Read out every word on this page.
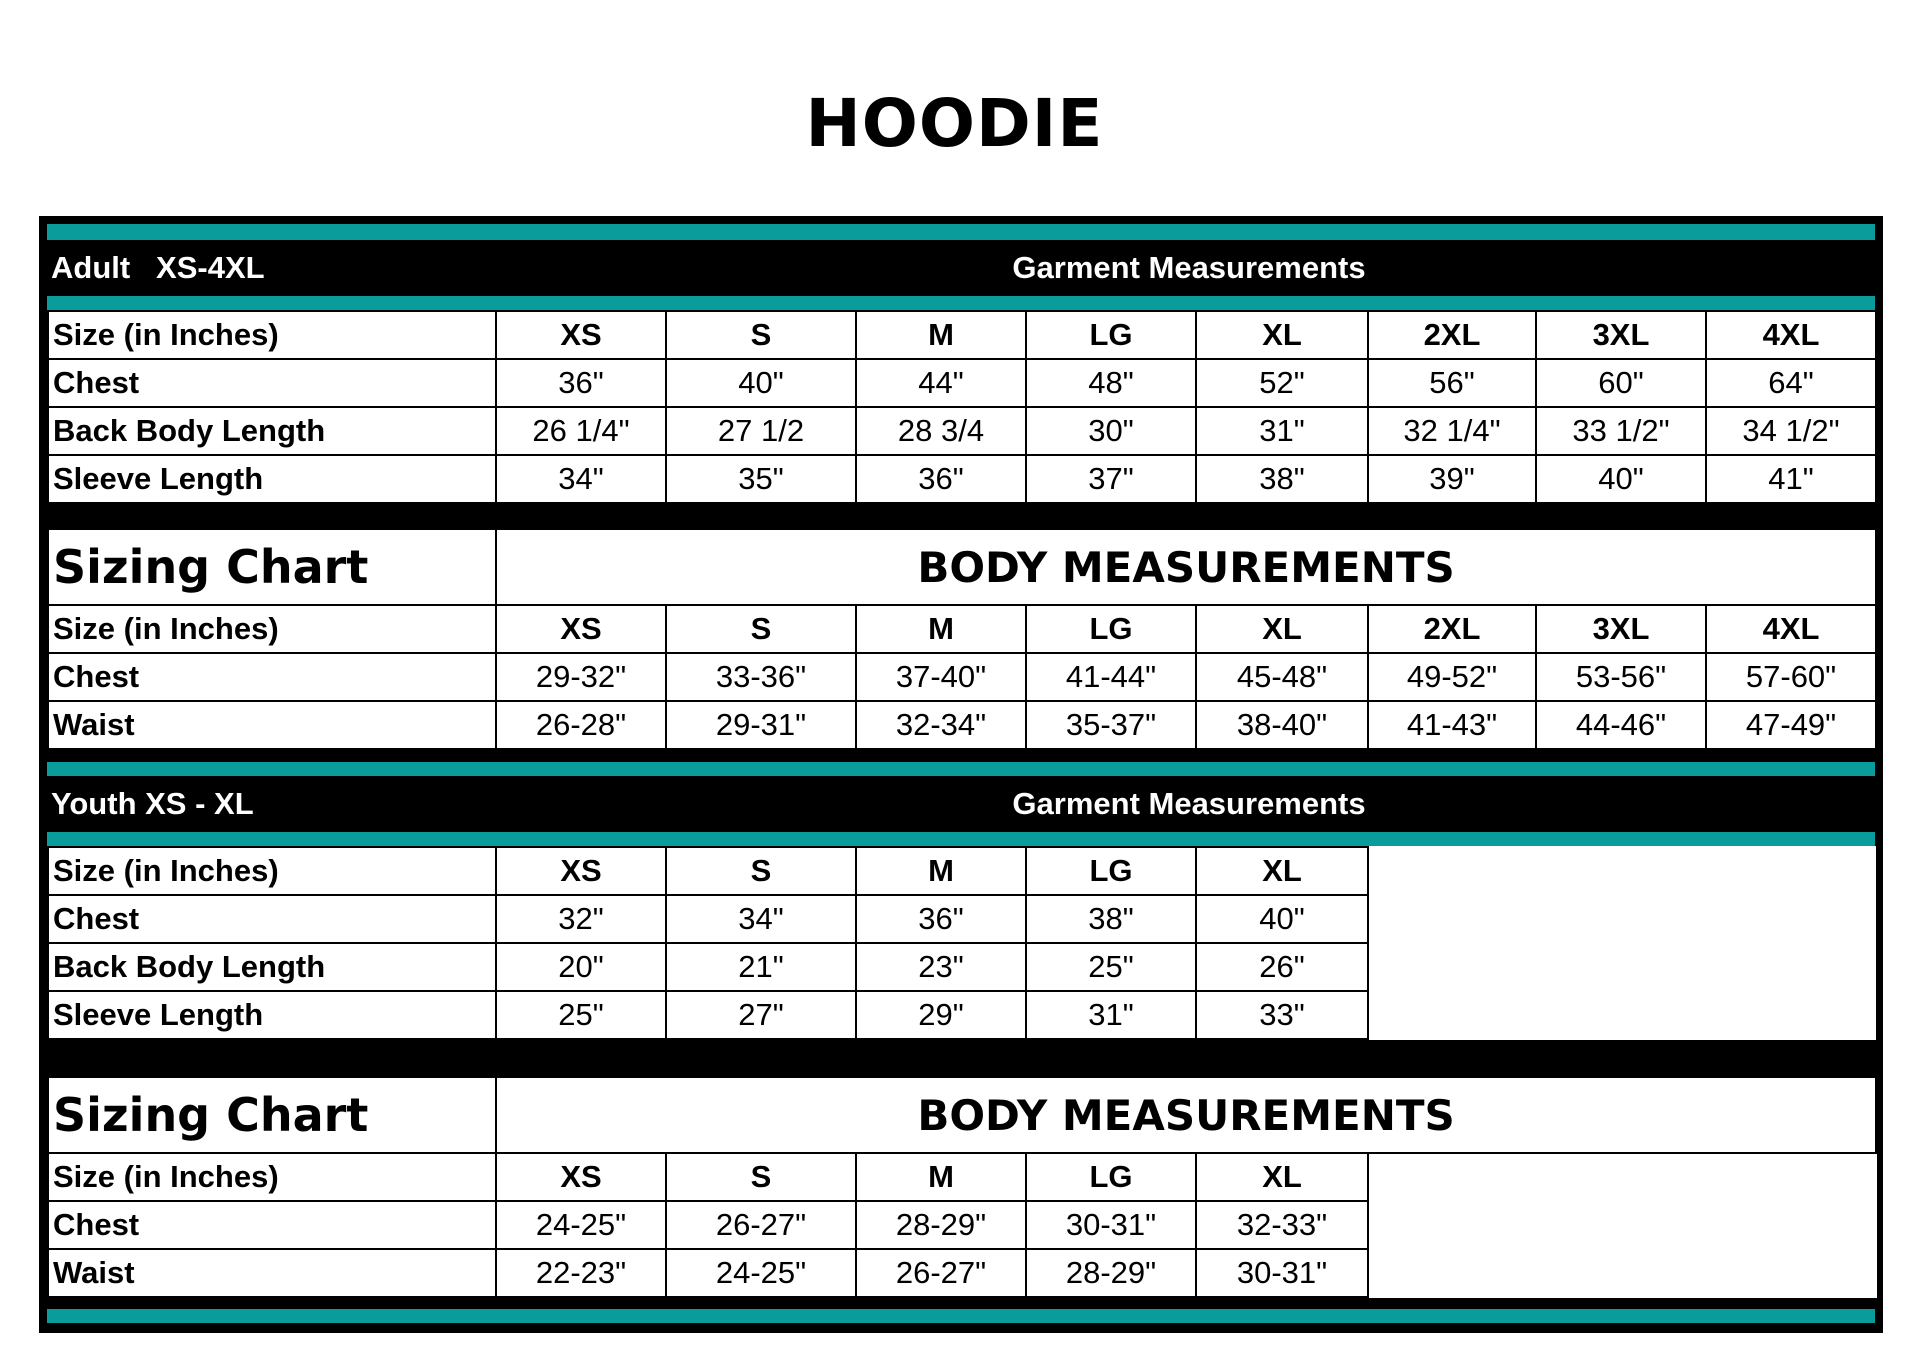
HOODIE
Adult   XS-4XL	Garment Measurements
Size (in Inches)	XS	S	M	LG	XL	2XL	3XL	4XL
Chest	36"	40"	44"	48"	52"	56"	60"	64"
Back Body Length	26 1/4"	27 1/2	28 3/4	30"	31"	32 1/4"	33 1/2"	34 1/2"
Sleeve Length	34"	35"	36"	37"	38"	39"	40"	41"
Sizing Chart	BODY MEASUREMENTS							
Size (in Inches)	XS	S	M	LG	XL	2XL	3XL	4XL
Chest	29-32"	33-36"	37-40"	41-44"	45-48"	49-52"	53-56"	57-60"
Waist	26-28"	29-31"	32-34"	35-37"	38-40"	41-43"	44-46"	47-49"
Youth XS - XL	Garment Measurements
Size (in Inches)	XS	S	M	LG	XL	
Chest	32"	34"	36"	38"	40"	
Back Body Length	20"	21"	23"	25"	26"	
Sleeve Length	25"	27"	29"	31"	33"	
Sizing Chart	BODY MEASUREMENTS					
Size (in Inches)	XS	S	M	LG	XL	
Chest	24-25"	26-27"	28-29"	30-31"	32-33"	
Waist	22-23"	24-25"	26-27"	28-29"	30-31"	
